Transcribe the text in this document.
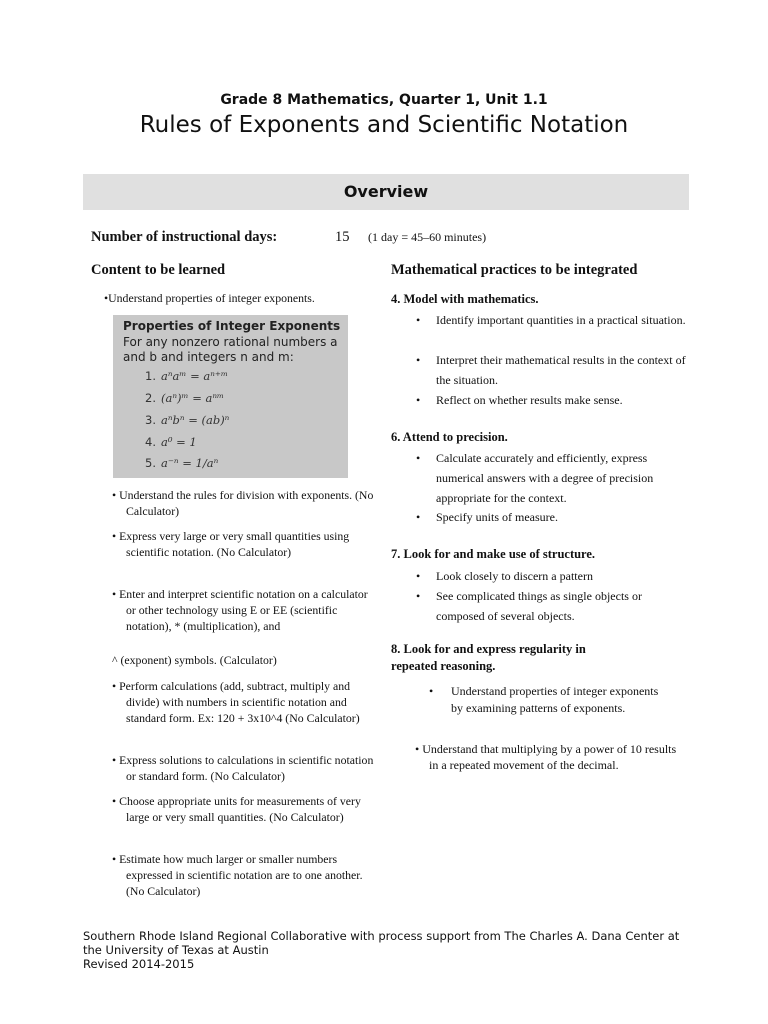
Grade 8 Mathematics, Quarter 1, Unit 1.1
Rules of Exponents and Scientific Notation
Overview
Number of instructional days:	15 (1 day = 45–60 minutes)
Content to be learned	Mathematical practices to be integrated
•Understand properties of integer exponents.
Properties of Integer Exponents
For any nonzero rational numbers a and b and integers n and m:
1. aⁿaᵐ = aⁿ⁺ᵐ
2. (aⁿ)ᵐ = aⁿᵐ
3. aⁿbⁿ = (ab)ⁿ
4. a⁰ = 1
5. a⁻ⁿ = 1/aⁿ
• Understand the rules for division with exponents. (No Calculator)
• Express very large or very small quantities using scientific notation. (No Calculator)
• Enter and interpret scientific notation on a calculator or other technology using E or EE (scientific notation), * (multiplication), and
^ (exponent) symbols. (Calculator)
• Perform calculations (add, subtract, multiply and divide) with numbers in scientific notation and standard form. Ex: 120 + 3x10^4 (No Calculator)
• Express solutions to calculations in scientific notation or standard form. (No Calculator)
• Choose appropriate units for measurements of very large or very small quantities. (No Calculator)
• Estimate how much larger or smaller numbers expressed in scientific notation are to one another. (No Calculator)
4. Model with mathematics.
• Identify important quantities in a practical situation.
• Interpret their mathematical results in the context of the situation.
• Reflect on whether results make sense.
6. Attend to precision.
• Calculate accurately and efficiently, express numerical answers with a degree of precision appropriate for the context.
• Specify units of measure.
7. Look for and make use of structure.
• Look closely to discern a pattern
• See complicated things as single objects or composed of several objects.
8. Look for and express regularity in repeated reasoning.
•	Understand properties of integer exponents by examining patterns of exponents.
• Understand that multiplying by a power of 10 results in a repeated movement of the decimal.
Southern Rhode Island Regional Collaborative with process support from The Charles A. Dana Center at the University of Texas at Austin
Revised 2014-2015
